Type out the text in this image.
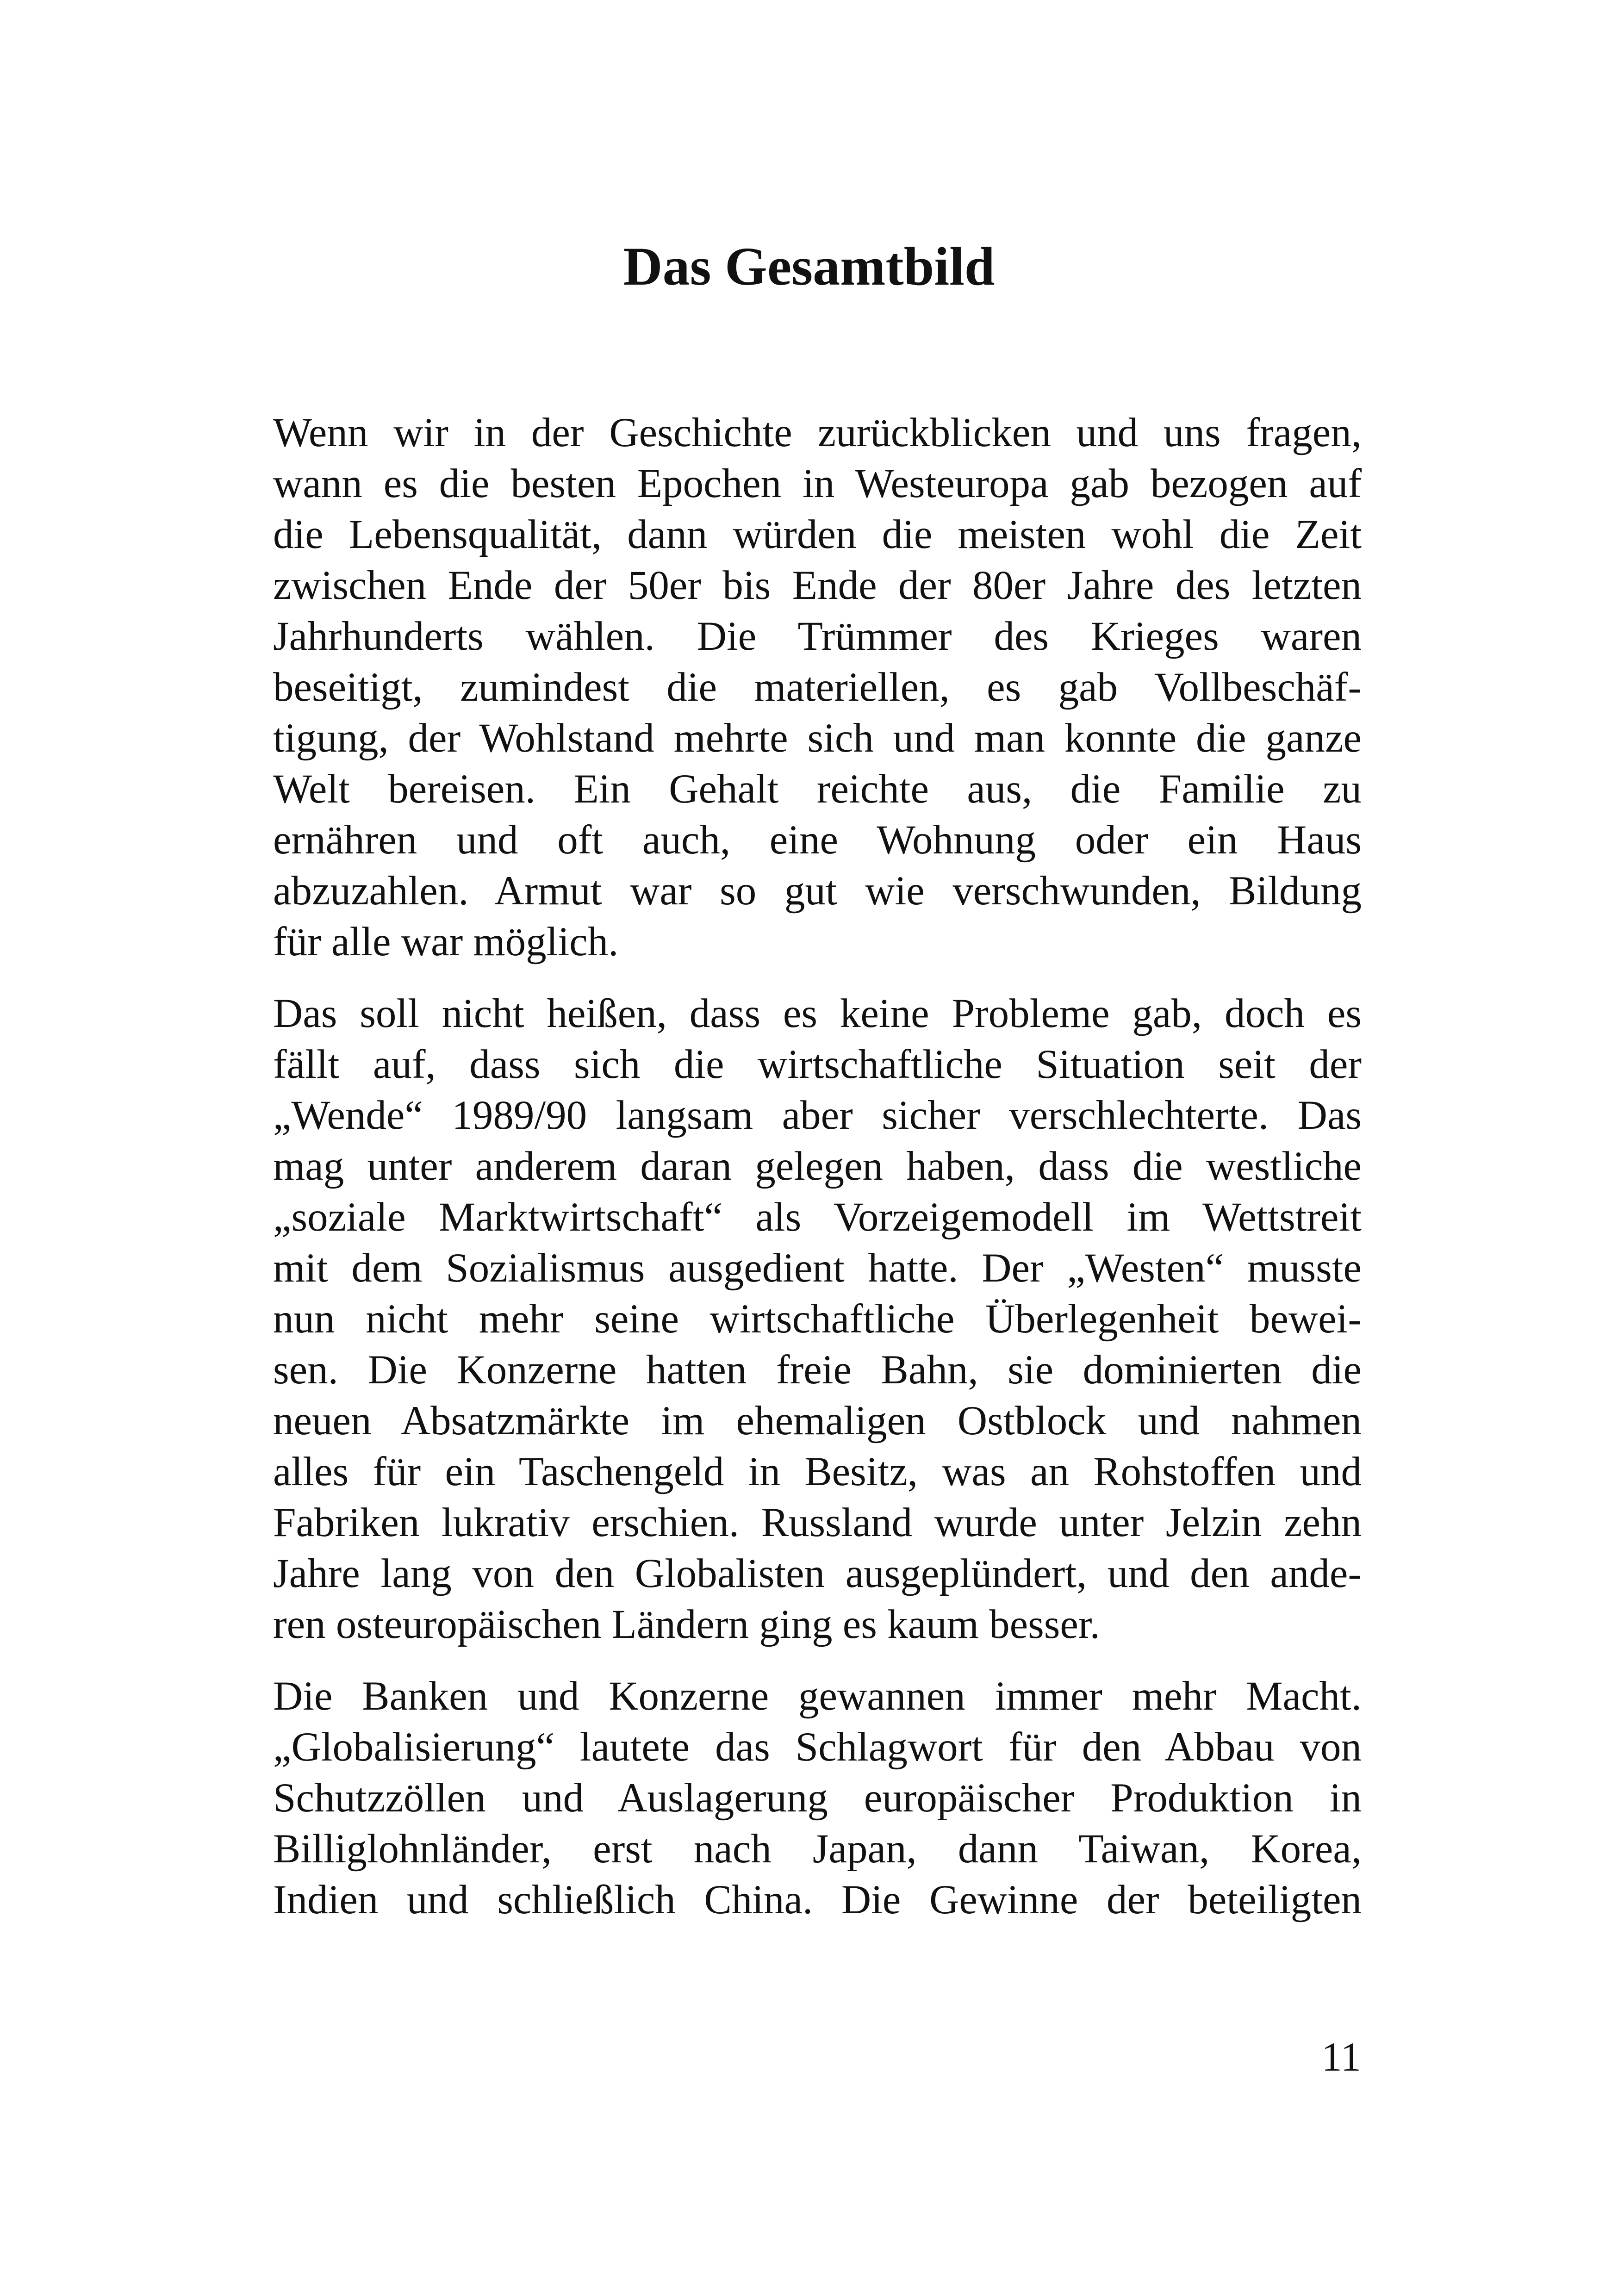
Das Gesamtbild
Wenn wir in der Geschichte zurückblicken und uns fragen,
wann es die besten Epochen in Westeuropa gab bezogen auf
die Lebensqualität, dann würden die meisten wohl die Zeit
zwischen Ende der 50er bis Ende der 80er Jahre des letzten
Jahrhunderts wählen. Die Trümmer des Krieges waren
beseitigt, zumindest die materiellen, es gab Vollbeschäf-
tigung, der Wohlstand mehrte sich und man konnte die ganze
Welt bereisen. Ein Gehalt reichte aus, die Familie zu
ernähren und oft auch, eine Wohnung oder ein Haus
abzuzahlen. Armut war so gut wie verschwunden, Bildung
für alle war möglich.
Das soll nicht heißen, dass es keine Probleme gab, doch es
fällt auf, dass sich die wirtschaftliche Situation seit der
„Wende“ 1989/90 langsam aber sicher verschlechterte. Das
mag unter anderem daran gelegen haben, dass die westliche
„soziale Marktwirtschaft“ als Vorzeigemodell im Wettstreit
mit dem Sozialismus ausgedient hatte. Der „Westen“ musste
nun nicht mehr seine wirtschaftliche Überlegenheit bewei-
sen. Die Konzerne hatten freie Bahn, sie dominierten die
neuen Absatzmärkte im ehemaligen Ostblock und nahmen
alles für ein Taschengeld in Besitz, was an Rohstoffen und
Fabriken lukrativ erschien. Russland wurde unter Jelzin zehn
Jahre lang von den Globalisten ausgeplündert, und den ande-
ren osteuropäischen Ländern ging es kaum besser.
Die Banken und Konzerne gewannen immer mehr Macht.
„Globalisierung“ lautete das Schlagwort für den Abbau von
Schutzzöllen und Auslagerung europäischer Produktion in
Billiglohnländer, erst nach Japan, dann Taiwan, Korea,
Indien und schließlich China. Die Gewinne der beteiligten

11
